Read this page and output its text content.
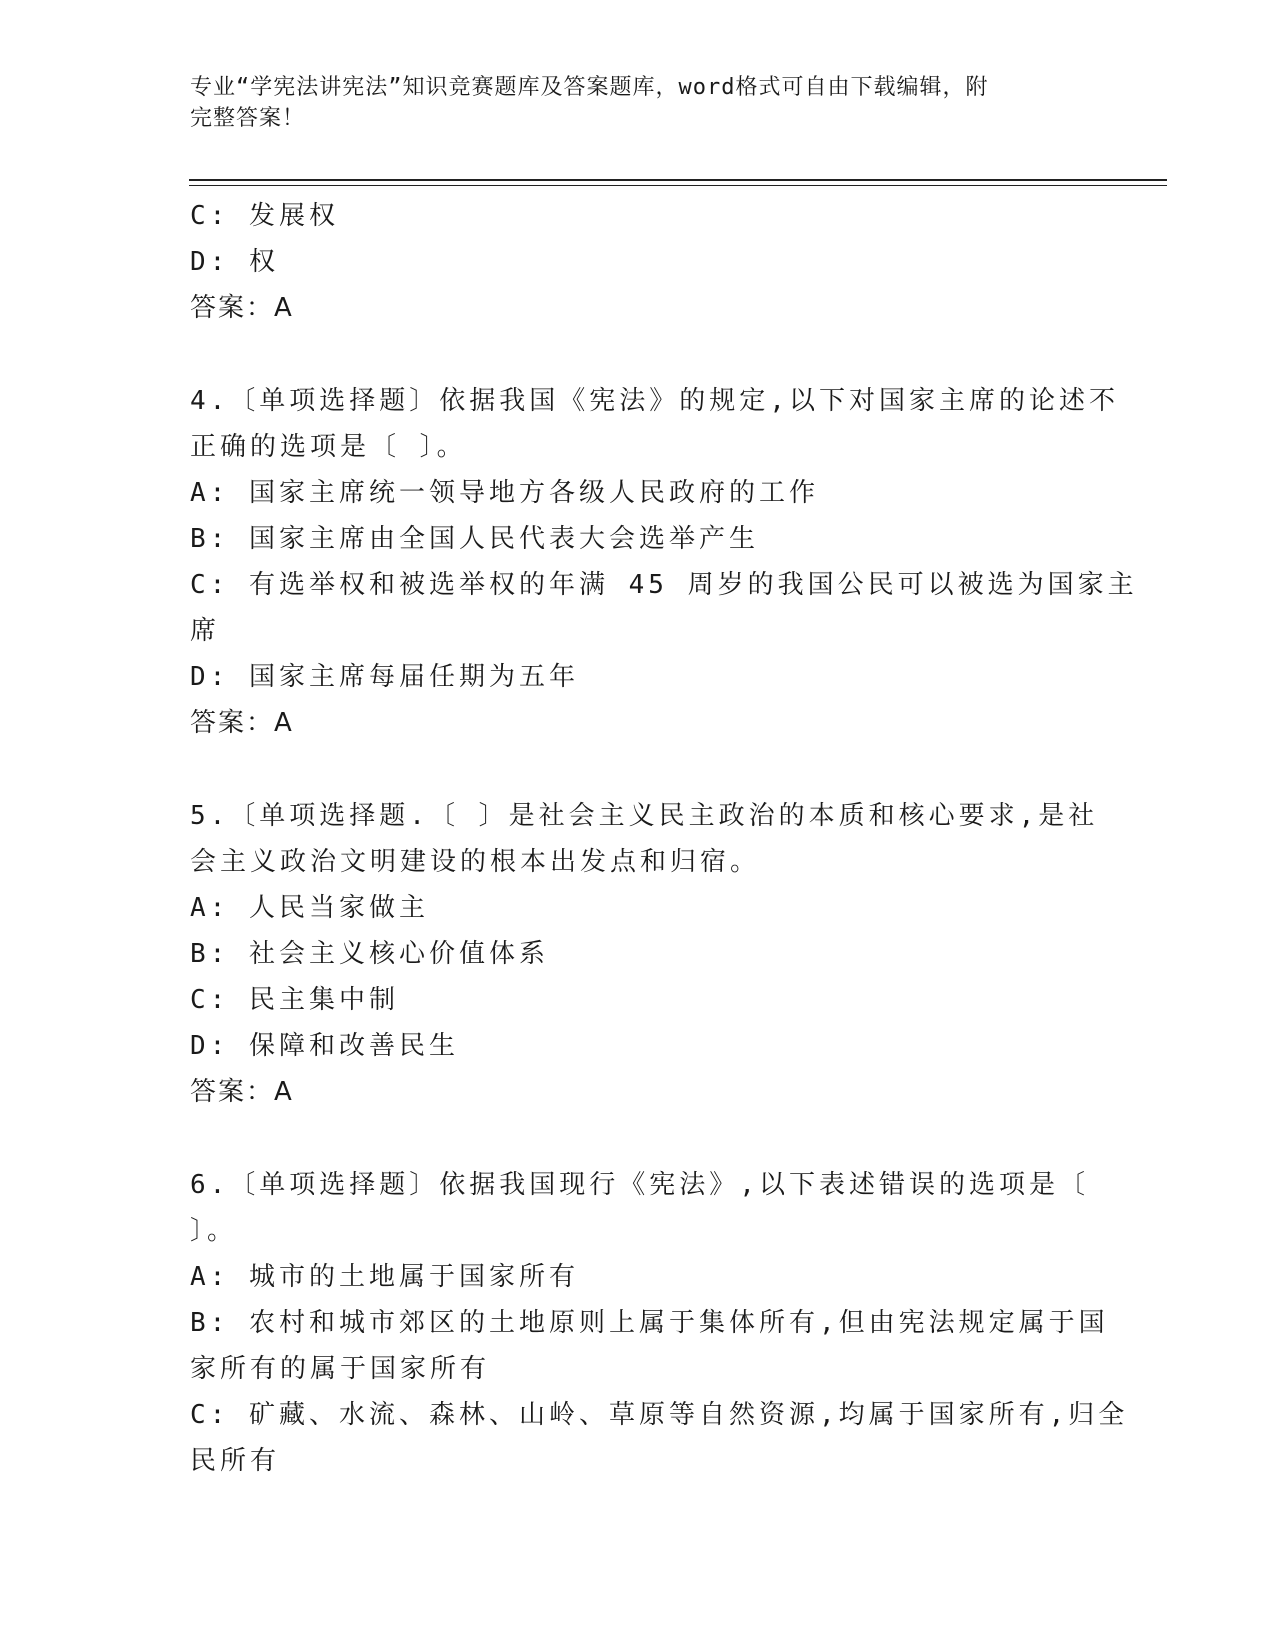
专业“学宪法讲宪法”知识竞赛题库及答案题库，word格式可自由下载编辑，附
完整答案！
C: 发展权
D: 权
答案：A
4.〔单项选择题〕依据我国《宪法》的规定,以下对国家主席的论述不
正确的选项是〔 〕。
A: 国家主席统一领导地方各级人民政府的工作
B: 国家主席由全国人民代表大会选举产生
C: 有选举权和被选举权的年满 45 周岁的我国公民可以被选为国家主
席
D: 国家主席每届任期为五年
答案：A
5.〔单项选择题.〔 〕是社会主义民主政治的本质和核心要求,是社
会主义政治文明建设的根本出发点和归宿。
A: 人民当家做主
B: 社会主义核心价值体系
C: 民主集中制
D: 保障和改善民生
答案：A
6.〔单项选择题〕依据我国现行《宪法》,以下表述错误的选项是〔
〕。
A: 城市的土地属于国家所有
B: 农村和城市郊区的土地原则上属于集体所有,但由宪法规定属于国
家所有的属于国家所有
C: 矿藏、水流、森林、山岭、草原等自然资源,均属于国家所有,归全
民所有
